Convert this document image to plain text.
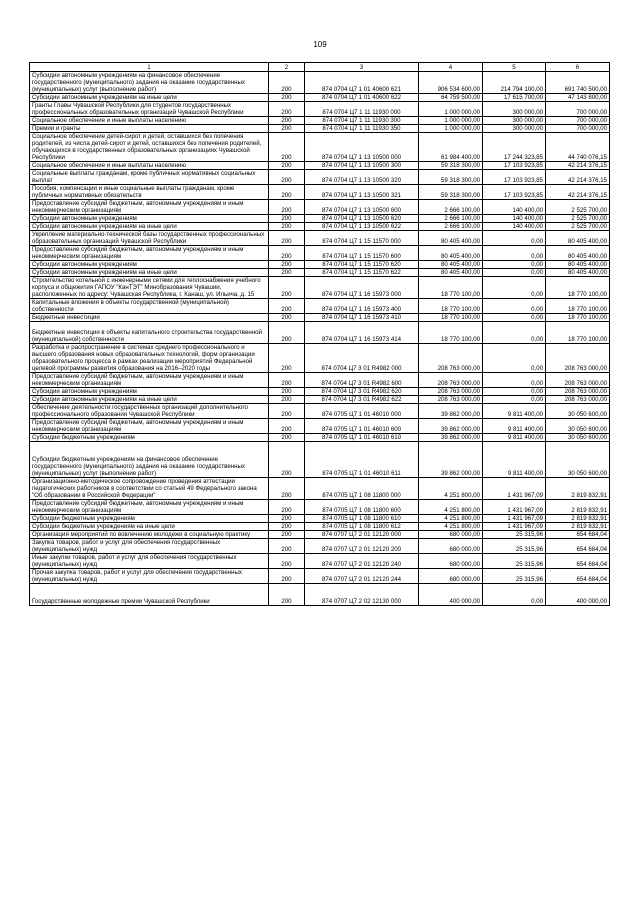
109
1	2	3	4	5	6
Субсидии автономным учреждениям на финансовое обеспечение государственного (муниципального) задания на оказание государственных (муниципальных) услуг (выполнение работ)	200	874 0704 Ц7 1 01 40600 621	906 534 600,00	214 794 100,00	691 740 500,00
Субсидии автономным учреждениям на иные цели	200	874 0704 Ц7 1 01 40600 622	64 759 500,00	17 615 700,00	47 143 800,00
Гранты Главы Чувашской Республики для студентов государственных профессиональных образовательных организаций Чувашской Республики	200	874 0704 Ц7 1 11 11930 000	1 000 000,00	300 000,00	700 000,00
Социальное обеспечение и иные выплаты населению	200	874 0704 Ц7 1 11 11930 300	1 000 000,00	300 000,00	700 000,00
Премии и гранты	200	874 0704 Ц7 1 11 11930 350	1 000 000,00	300 000,00	700 000,00
Социальное обеспечение детей-сирот и детей, оставшихся без попечения родителей, из числа детей-сирот и детей, оставшихся без попечения родителей, обучающихся в государственных образовательных организациях Чувашской Республики	200	874 0704 Ц7 1 13 10500 000	61 984 400,00	17 244 323,85	44 740 076,15
Социальное обеспечение и иные выплаты населению	200	874 0704 Ц7 1 13 10500 300	59 318 300,00	17 103 923,85	42 214 376,15
Социальные выплаты гражданам, кроме публичных нормативных социальных выплат	200	874 0704 Ц7 1 13 10500 320	59 318 300,00	17 103 923,85	42 214 376,15
Пособия, компенсации и иные социальные выплаты гражданам, кроме публичных нормативных обязательств	200	874 0704 Ц7 1 13 10500 321	59 318 300,00	17 103 923,85	42 214 376,15
Предоставление субсидий бюджетным, автономным учреждениям и иным некоммерческим организациям	200	874 0704 Ц7 1 13 10500 600	2 666 100,00	140 400,00	2 525 700,00
Субсидии автономным учреждениям	200	874 0704 Ц7 1 13 10500 620	2 666 100,00	140 400,00	2 525 700,00
Субсидии автономным учреждениям на иные цели	200	874 0704 Ц7 1 13 10500 622	2 666 100,00	140 400,00	2 525 700,00
Укрепление материально-технической базы государственных профессиональных образовательных организаций Чувашской Республики	200	874 0704 Ц7 1 15 11570 000	80 405 400,00	0,00	80 405 400,00
Предоставление субсидий бюджетным, автономным учреждениям и иным некоммерческим организациям	200	874 0704 Ц7 1 15 11570 600	80 405 400,00	0,00	80 405 400,00
Субсидии автономным учреждениям	200	874 0704 Ц7 1 15 11570 620	80 405 400,00	0,00	80 405 400,00
Субсидии автономным учреждениям на иные цели	200	874 0704 Ц7 1 15 11570 622	80 405 400,00	0,00	80 405 400,00
Строительство котельной с инженерными сетями для теплоснабжения учебного корпуса и общежития ГАПОУ "КанТЭТ" Минобразования Чувашии, расположенных по адресу: Чувашская Республика, г. Канаш, ул. Ильича, д. 15	200	874 0704 Ц7 1 16 15973 000	18 770 100,00	0,00	18 770 100,00
Капитальные вложения в объекты государственной (муниципальной) собственности	200	874 0704 Ц7 1 16 15973 400	18 770 100,00	0,00	18 770 100,00
Бюджетные инвестиции	200	874 0704 Ц7 1 16 15973 410	18 770 100,00	0,00	18 770 100,00
Бюджетные инвестиции в объекты капитального строительства государственной (муниципальной) собственности	200	874 0704 Ц7 1 16 15973 414	18 770 100,00	0,00	18 770 100,00
Разработка и распространение в системах среднего профессионального и высшего образования новых образовательных технологий, форм организации образовательного процесса в рамках реализации мероприятий Федеральной целевой программы развития образования на 2016–2020 годы	200	874 0704 Ц7 3 01 R4982 000	208 763 000,00	0,00	208 763 000,00
Предоставление субсидий бюджетным, автономным учреждениям и иным некоммерческим организациям	200	874 0704 Ц7 3 01 R4982 600	208 763 000,00	0,00	208 763 000,00
Субсидии автономным учреждениям	200	874 0704 Ц7 3 01 R4982 620	208 763 000,00	0,00	208 763 000,00
Субсидии автономным учреждениям на иные цели	200	874 0704 Ц7 3 01 R4982 622	208 763 000,00	0,00	208 763 000,00
Обеспечение деятельности государственных организаций дополнительного профессионального образования Чувашской Республики	200	874 0705 Ц7 1 01 46010 000	39 862 000,00	9 811 400,00	30 050 600,00
Предоставление субсидий бюджетным, автономным учреждениям и иным некоммерческим организациям	200	874 0705 Ц7 1 01 46010 600	39 862 000,00	9 811 400,00	30 050 600,00
Субсидии бюджетным учреждениям	200	874 0705 Ц7 1 01 46010 610	39 862 000,00	9 811 400,00	30 050 600,00
Субсидии бюджетным учреждениям на финансовое обеспечение государственного (муниципального) задания на оказание государственных (муниципальных) услуг (выполнение работ)	200	874 0705 Ц7 1 01 46010 611	39 862 000,00	9 811 400,00	30 050 600,00
Организационно-методическое сопровождение проведения аттестации педагогических работников в соответствии со статьей 49 Федерального закона "Об образовании в Российской Федерации"	200	874 0705 Ц7 1 08 11800 000	4 251 800,00	1 431 967,09	2 819 832,91
Предоставление субсидий бюджетным, автономным учреждениям и иным некоммерческим организациям	200	874 0705 Ц7 1 08 11800 600	4 251 800,00	1 431 967,09	2 819 832,91
Субсидии бюджетным учреждениям	200	874 0705 Ц7 1 08 11800 610	4 251 800,00	1 431 967,09	2 819 832,91
Субсидии бюджетным учреждениям на иные цели	200	874 0705 Ц7 1 08 11800 612	4 251 800,00	1 431 967,09	2 819 832,91
Организация мероприятий по вовлечению молодежи в социальную практику	200	874 0707 Ц7 2 01 12120 000	680 000,00	25 315,96	654 684,04
Закупка товаров, работ и услуг для обеспечения государственных (муниципальных) нужд	200	874 0707 Ц7 2 01 12120 200	680 000,00	25 315,96	654 684,04
Иные закупки товаров, работ и услуг для обеспечения государственных (муниципальных) нужд	200	874 0707 Ц7 2 01 12120 240	680 000,00	25 315,96	654 684,04
Прочая закупка товаров, работ и услуг для обеспечения государственных (муниципальных) нужд	200	874 0707 Ц7 2 01 12120 244	680 000,00	25 315,96	654 684,04
Государственные молодежные премии Чувашской Республики	200	874 0707 Ц7 2 02 12130 000	400 000,00	0,00	400 000,00
